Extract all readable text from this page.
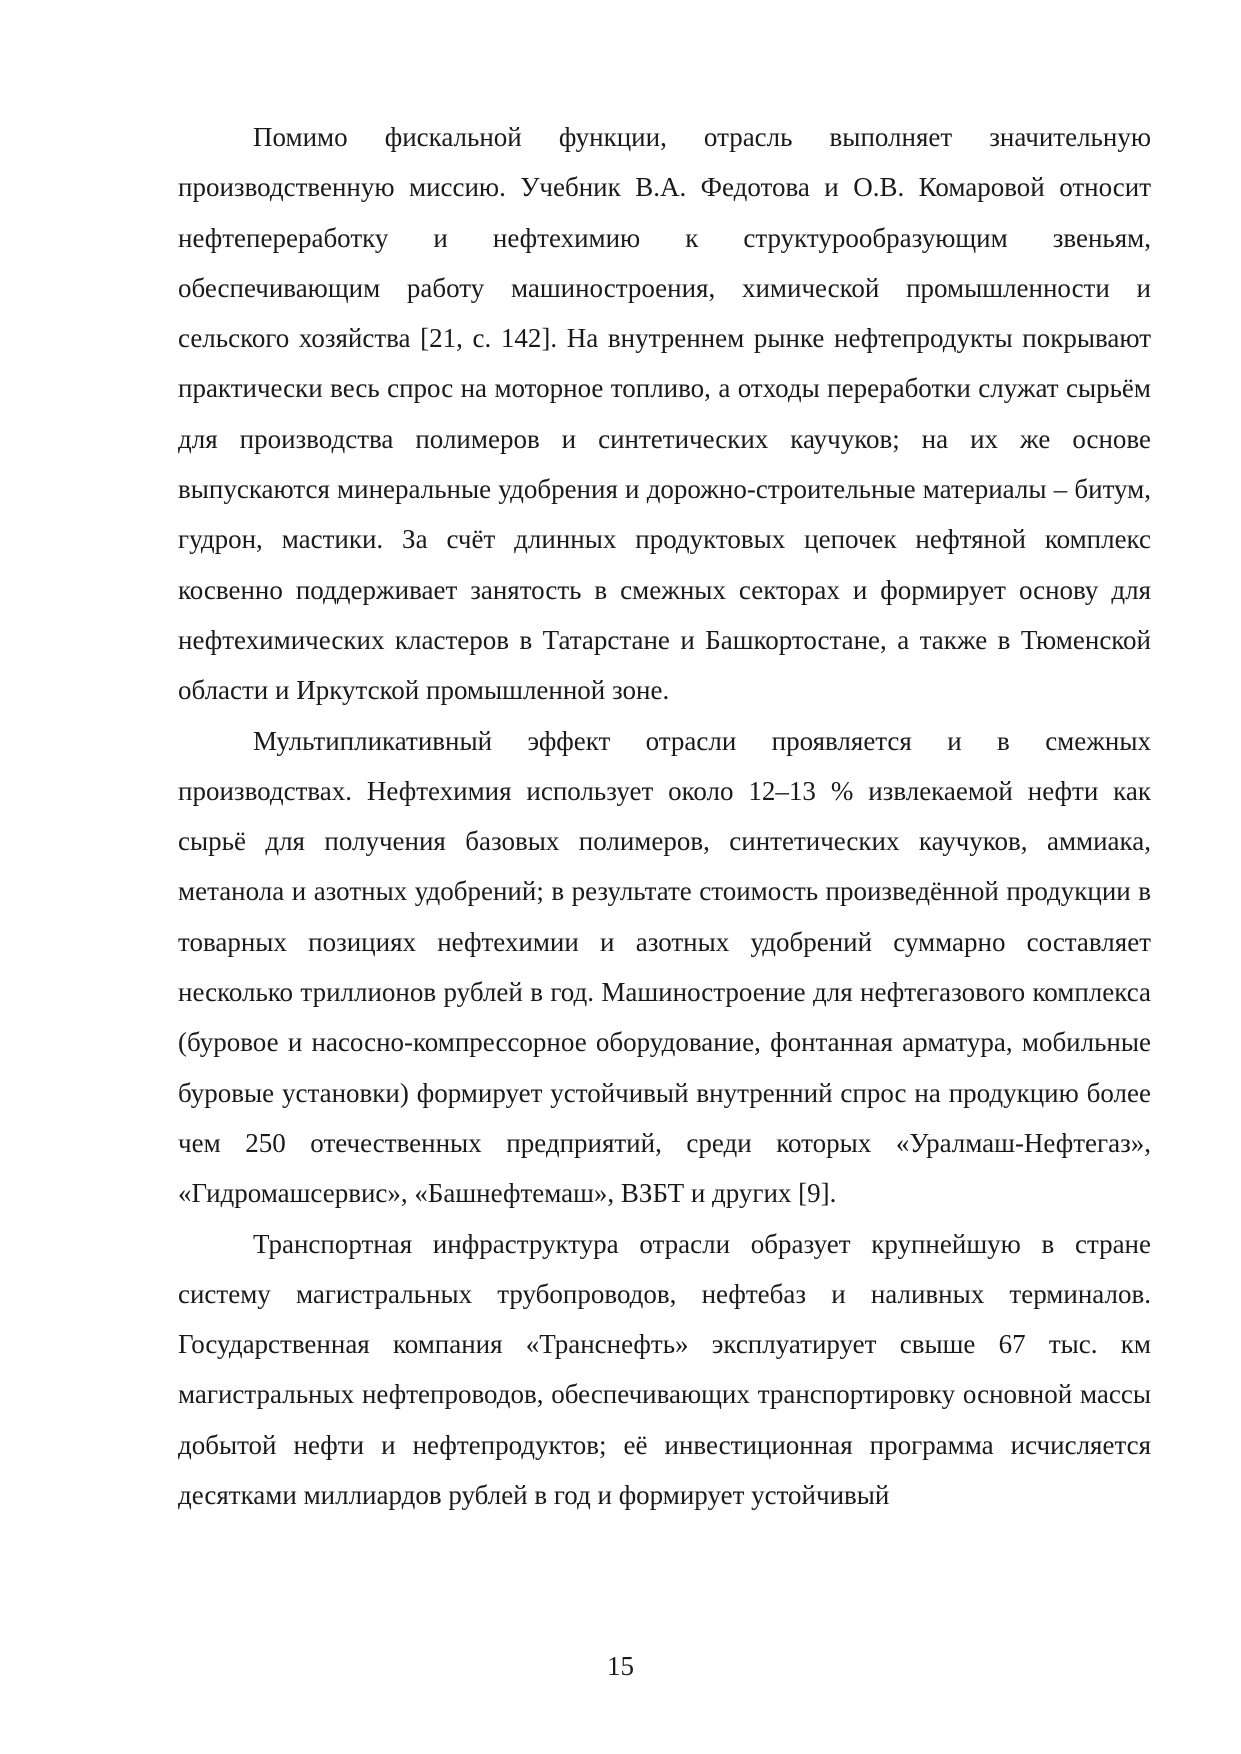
Помимо фискальной функции, отрасль выполняет значительную производственную миссию. Учебник В.А. Федотова и О.В. Комаровой относит нефтепереработку и нефтехимию к структурообразующим звеньям, обеспечивающим работу машиностроения, химической промышленности и сельского хозяйства [21, с. 142]. На внутреннем рынке нефтепродукты покрывают практически весь спрос на моторное топливо, а отходы переработки служат сырьём для производства полимеров и синтетических каучуков; на их же основе выпускаются минеральные удобрения и дорожно-строительные материалы – битум, гудрон, мастики. За счёт длинных продуктовых цепочек нефтяной комплекс косвенно поддерживает занятость в смежных секторах и формирует основу для нефтехимических кластеров в Татарстане и Башкортостане, а также в Тюменской области и Иркутской промышленной зоне.

Мультипликативный эффект отрасли проявляется и в смежных производствах. Нефтехимия использует около 12–13 % извлекаемой нефти как сырьё для получения базовых полимеров, синтетических каучуков, аммиака, метанола и азотных удобрений; в результате стоимость произведённой продукции в товарных позициях нефтехимии и азотных удобрений суммарно составляет несколько триллионов рублей в год. Машиностроение для нефтегазового комплекса (буровое и насосно-компрессорное оборудование, фонтанная арматура, мобильные буровые установки) формирует устойчивый внутренний спрос на продукцию более чем 250 отечественных предприятий, среди которых «Уралмаш-Нефтегаз», «Гидромашсервис», «Башнефтемаш», ВЗБТ и других [9].

Транспортная инфраструктура отрасли образует крупнейшую в стране систему магистральных трубопроводов, нефтебаз и наливных терминалов. Государственная компания «Транснефть» эксплуатирует свыше 67 тыс. км магистральных нефтепроводов, обеспечивающих транспортировку основной массы добытой нефти и нефтепродуктов; её инвестиционная программа исчисляется десятками миллиардов рублей в год и формирует устойчивый

15
